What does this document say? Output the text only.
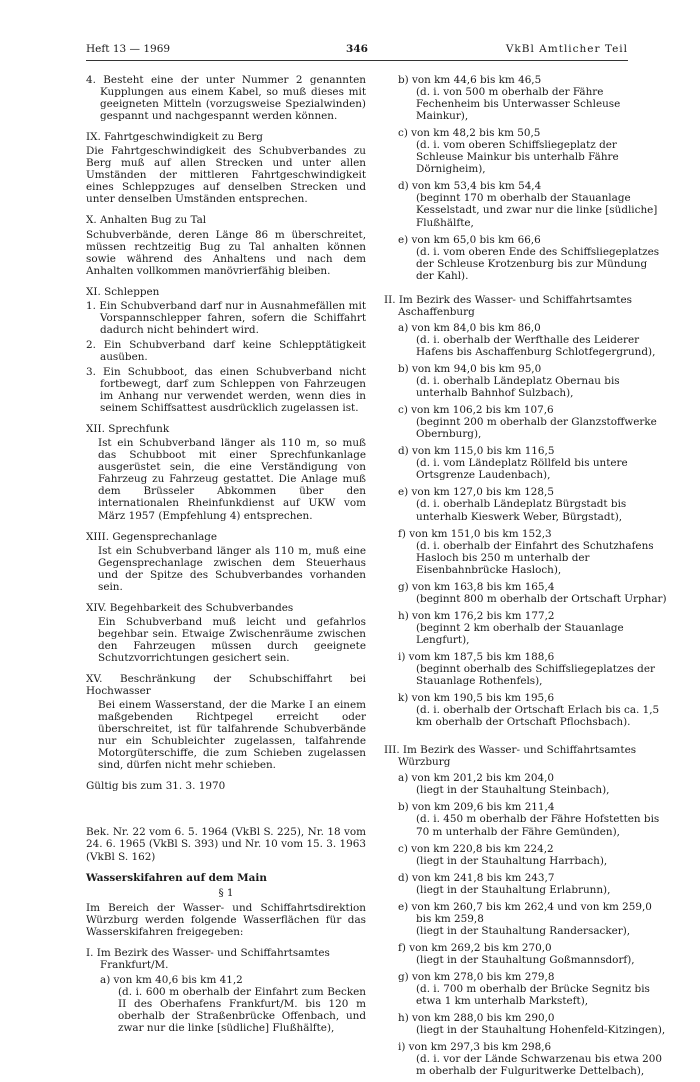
Heft 13 — 1969	346	VkBl Amtlicher Teil

4. Besteht eine der unter Nummer 2 genannten Kupplungen aus einem Kabel, so muß dieses mit geeigneten Mitteln (vorzugsweise Spezialwinden) gespannt und nachgespannt werden können.

IX. Fahrtgeschwindigkeit zu Berg

Die Fahrtgeschwindigkeit des Schubverbandes zu Berg muß auf allen Strecken und unter allen Umständen der mittleren Fahrtgeschwindigkeit eines Schleppzuges auf denselben Strecken und unter denselben Umständen entsprechen.

X. Anhalten Bug zu Tal

Schubverbände, deren Länge 86 m überschreitet, müssen rechtzeitig Bug zu Tal anhalten können sowie während des Anhaltens und nach dem Anhalten vollkommen manövrierfähig bleiben.

XI. Schleppen

1. Ein Schubverband darf nur in Ausnahmefällen mit Vorspannschlepper fahren, sofern die Schiffahrt dadurch nicht behindert wird.

2. Ein Schubverband darf keine Schlepptätigkeit ausüben.

3. Ein Schubboot, das einen Schubverband nicht fortbewegt, darf zum Schleppen von Fahrzeugen im Anhang nur verwendet werden, wenn dies in seinem Schiffsattest ausdrücklich zugelassen ist.

XII. Sprechfunk

Ist ein Schubverband länger als 110 m, so muß das Schubboot mit einer Sprechfunkanlage ausgerüstet sein, die eine Verständigung von Fahrzeug zu Fahrzeug gestattet. Die Anlage muß dem Brüsseler Abkommen über den internationalen Rheinfunkdienst auf UKW vom März 1957 (Empfehlung 4) entsprechen.

XIII. Gegensprechanlage

Ist ein Schubverband länger als 110 m, muß eine Gegensprechanlage zwischen dem Steuerhaus und der Spitze des Schubverbandes vorhanden sein.

XIV. Begehbarkeit des Schubverbandes

Ein Schubverband muß leicht und gefahrlos begehbar sein. Etwaige Zwischenräume zwischen den Fahrzeugen müssen durch geeignete Schutzvorrichtungen gesichert sein.

XV. Beschränkung der Schubschiffahrt bei Hochwasser

Bei einem Wasserstand, der die Marke I an einem maßgebenden Richtpegel erreicht oder überschreitet, ist für talfahrende Schubverbände nur ein Schubleichter zugelassen, talfahrende Motorgüterschiffe, die zum Schieben zugelassen sind, dürfen nicht mehr schieben.

Gültig bis zum 31. 3. 1970

Bek. Nr. 22 vom 6. 5. 1964 (VkBl S. 225), Nr. 18 vom 24. 6. 1965 (VkBl S. 393) und Nr. 10 vom 15. 3. 1963 (VkBl S. 162)

Wasserskifahren auf dem Main

§ 1

Im Bereich der Wasser- und Schiffahrtsdirektion Würzburg werden folgende Wasserflächen für das Wasserskifahren freigegeben:

I. Im Bezirk des Wasser- und Schiffahrtsamtes Frankfurt/M.

a) von km 40,6 bis km 41,2

(d. i. 600 m oberhalb der Einfahrt zum Becken II des Oberhafens Frankfurt/M. bis 120 m oberhalb der Straßenbrücke Offenbach, und zwar nur die linke [südliche] Flußhälfte),

b) von km 44,6 bis km 46,5
(d. i. von 500 m oberhalb der Fähre Fechenheim bis Unterwasser Schleuse Mainkur),
c) von km 48,2 bis km 50,5
(d. i. vom oberen Schiffsliegeplatz der Schleuse Mainkur bis unterhalb Fähre Dörnigheim),
d) von km 53,4 bis km 54,4
(beginnt 170 m oberhalb der Stauanlage Kesselstadt, und zwar nur die linke [südliche] Flußhälfte,
e) von km 65,0 bis km 66,6
(d. i. vom oberen Ende des Schiffsliegeplatzes der Schleuse Krotzenburg bis zur Mündung der Kahl).

II. Im Bezirk des Wasser- und Schiffahrtsamtes Aschaffenburg

a) von km 84,0 bis km 86,0
(d. i. oberhalb der Werfthalle des Leiderer Hafens bis Aschaffenburg Schlotfegergrund),
b) von km 94,0 bis km 95,0
(d. i. oberhalb Ländeplatz Obernau bis unterhalb Bahnhof Sulzbach),
c) von km 106,2 bis km 107,6
(beginnt 200 m oberhalb der Glanzstoffwerke Obernburg),
d) von km 115,0 bis km 116,5
(d. i. vom Ländeplatz Röllfeld bis untere Ortsgrenze Laudenbach),
e) von km 127,0 bis km 128,5
(d. i. oberhalb Ländeplatz Bürgstadt bis unterhalb Kieswerk Weber, Bürgstadt),
f) von km 151,0 bis km 152,3
(d. i. oberhalb der Einfahrt des Schutzhafens Hasloch bis 250 m unterhalb der Eisenbahnbrücke Hasloch),
g) von km 163,8 bis km 165,4
(beginnt 800 m oberhalb der Ortschaft Urphar)
h) von km 176,2 bis km 177,2
(beginnt 2 km oberhalb der Stauanlage Lengfurt),
i) vom km 187,5 bis km 188,6
(beginnt oberhalb des Schiffsliegeplatzes der Stauanlage Rothenfels),
k) von km 190,5 bis km 195,6
(d. i. oberhalb der Ortschaft Erlach bis ca. 1,5 km oberhalb der Ortschaft Pflochsbach).

III. Im Bezirk des Wasser- und Schiffahrtsamtes Würzburg

a) von km 201,2 bis km 204,0
(liegt in der Stauhaltung Steinbach),
b) von km 209,6 bis km 211,4
(d. i. 450 m oberhalb der Fähre Hofstetten bis 70 m unterhalb der Fähre Gemünden),
c) von km 220,8 bis km 224,2
(liegt in der Stauhaltung Harrbach),
d) von km 241,8 bis km 243,7
(liegt in der Stauhaltung Erlabrunn),
e) von km 260,7 bis km 262,4 und von km 259,0 bis km 259,8
(liegt in der Stauhaltung Randersacker),
f) von km 269,2 bis km 270,0
(liegt in der Stauhaltung Goßmannsdorf),
g) von km 278,0 bis km 279,8
(d. i. 700 m oberhalb der Brücke Segnitz bis etwa 1 km unterhalb Marksteft),
h) von km 288,0 bis km 290,0
(liegt in der Stauhaltung Hohenfeld-Kitzingen),
i) von km 297,3 bis km 298,6
(d. i. vor der Lände Schwarzenau bis etwa 200 m oberhalb der Fulguritwerke Dettelbach),
